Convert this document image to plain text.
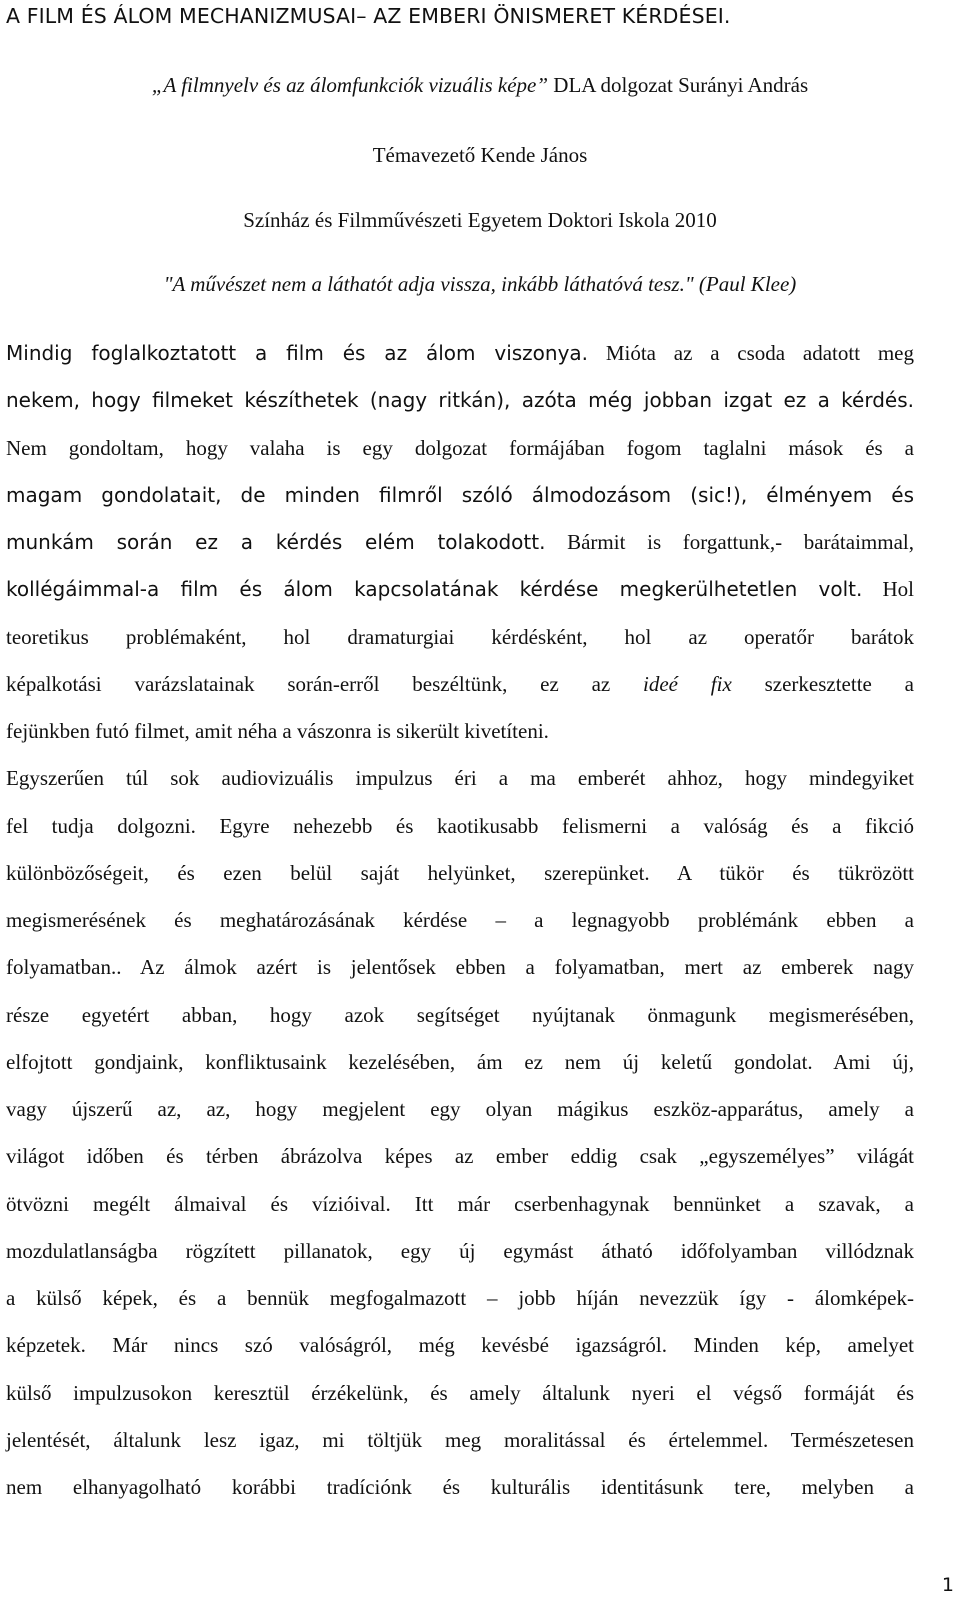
A FILM ÉS ÁLOM MECHANIZMUSAI– AZ EMBERI ÖNISMERET KÉRDÉSEI.
„A filmnyelv és az álomfunkciók vizuális képe” DLA dolgozat Surányi András
Témavezető Kende János
Színház és Filmművészeti Egyetem Doktori Iskola 2010
"A művészet nem a láthatót adja vissza, inkább láthatóvá tesz." (Paul Klee)
Mindig foglalkoztatott a film és az álom viszonya. Mióta az a csoda adatott meg
nekem, hogy filmeket készíthetek (nagy ritkán), azóta még jobban izgat ez a kérdés.
Nem gondoltam, hogy valaha is egy dolgozat formájában fogom taglalni mások és a
magam gondolatait, de minden filmről szóló álmodozásom (sic!), élményem és
munkám során ez a kérdés elém tolakodott. Bármit is forgattunk,- barátaimmal,
kollégáimmal-a film és álom kapcsolatának kérdése megkerülhetetlen volt. Hol
teoretikus problémaként, hol dramaturgiai kérdésként, hol az operatőr barátok
képalkotási varázslatainak során-erről beszéltünk, ez az ideé fix szerkesztette a
fejünkben futó filmet, amit néha a vászonra is sikerült kivetíteni.
Egyszerűen túl sok audiovizuális impulzus éri a ma emberét ahhoz, hogy mindegyiket
fel tudja dolgozni. Egyre nehezebb és kaotikusabb felismerni a valóság és a fikció
különbözőségeit, és ezen belül saját helyünket, szerepünket. A tükör és tükrözött
megismerésének és meghatározásának kérdése – a legnagyobb problémánk ebben a
folyamatban.. Az álmok azért is jelentősek ebben a folyamatban, mert az emberek nagy
része egyetért abban, hogy azok segítséget nyújtanak önmagunk megismerésében,
elfojtott gondjaink, konfliktusaink kezelésében, ám ez nem új keletű gondolat. Ami új,
vagy újszerű az, az, hogy megjelent egy olyan mágikus eszköz-apparátus, amely a
világot időben és térben ábrázolva képes az ember eddig csak „egyszemélyes” világát
ötvözni megélt álmaival és vízióival. Itt már cserbenhagynak bennünket a szavak, a
mozdulatlanságba rögzített pillanatok, egy új egymást átható időfolyamban villódznak
a külső képek, és a bennük megfogalmazott – jobb híján nevezzük így - álomképek-
képzetek. Már nincs szó valóságról, még kevésbé igazságról. Minden kép, amelyet
külső impulzusokon keresztül érzékelünk, és amely általunk nyeri el végső formáját és
jelentését, általunk lesz igaz, mi töltjük meg moralitással és értelemmel. Természetesen
nem elhanyagolható korábbi tradíciónk és kulturális identitásunk tere, melyben a
1
